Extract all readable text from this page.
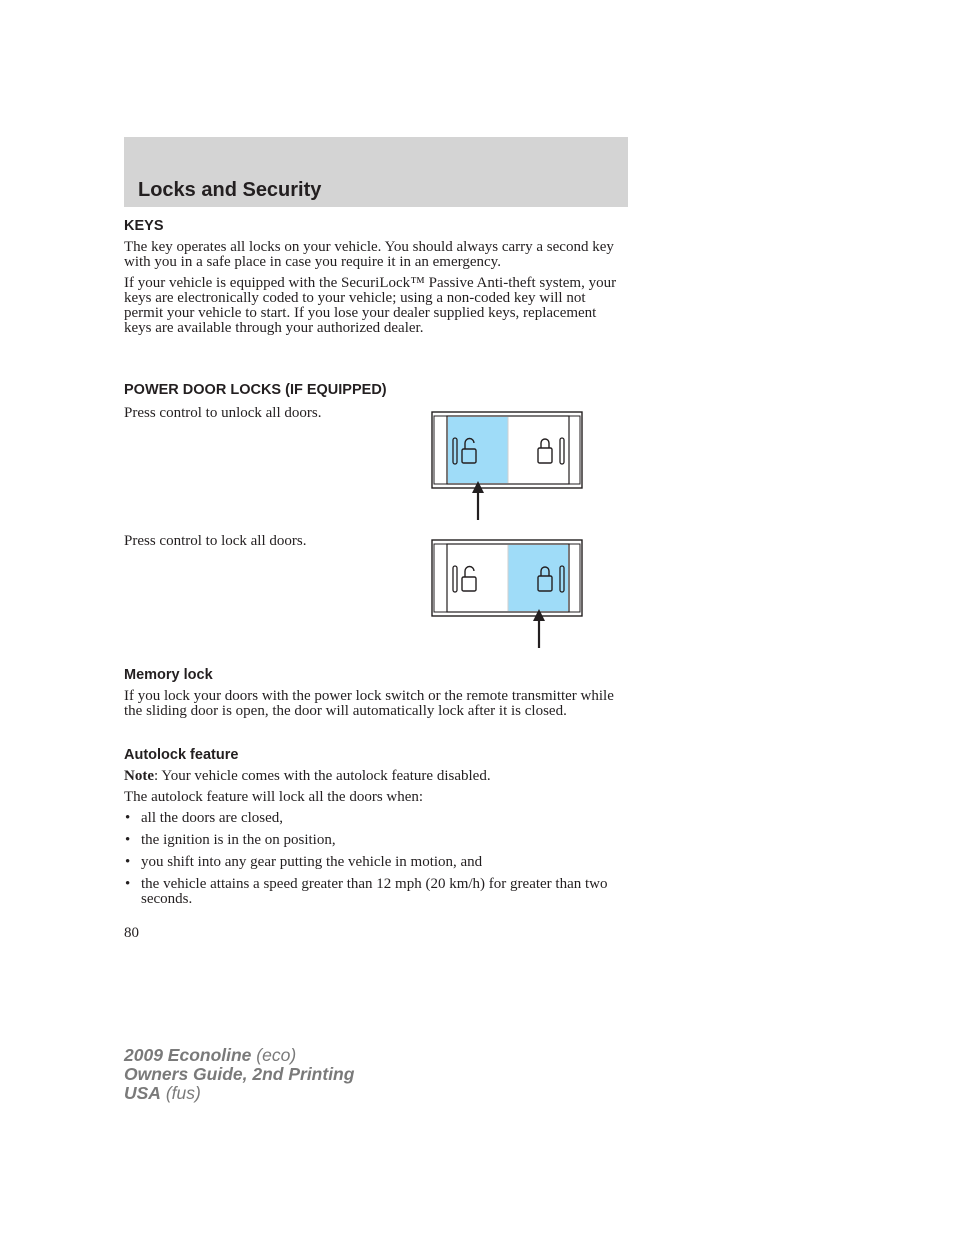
Locks and Security
KEYS

The key operates all locks on your vehicle. You should always carry a second key with you in a safe place in case you require it in an emergency.

If your vehicle is equipped with the SecuriLock™ Passive Anti-theft system, your keys are electronically coded to your vehicle; using a non-coded key will not permit your vehicle to start. If you lose your dealer supplied keys, replacement keys are available through your authorized dealer.

POWER DOOR LOCKS (IF EQUIPPED)

Press control to unlock all doors.

Press control to lock all doors.

Memory lock

If you lock your doors with the power lock switch or the remote transmitter while the sliding door is open, the door will automatically lock after it is closed.

Autolock feature

Note: Your vehicle comes with the autolock feature disabled.

The autolock feature will lock all the doors when:

• all the doors are closed,
• the ignition is in the on position,
• you shift into any gear putting the vehicle in motion, and
• the vehicle attains a speed greater than 12 mph (20 km/h) for greater than two seconds.

80

2009 Econoline (eco)
Owners Guide, 2nd Printing
USA (fus)
